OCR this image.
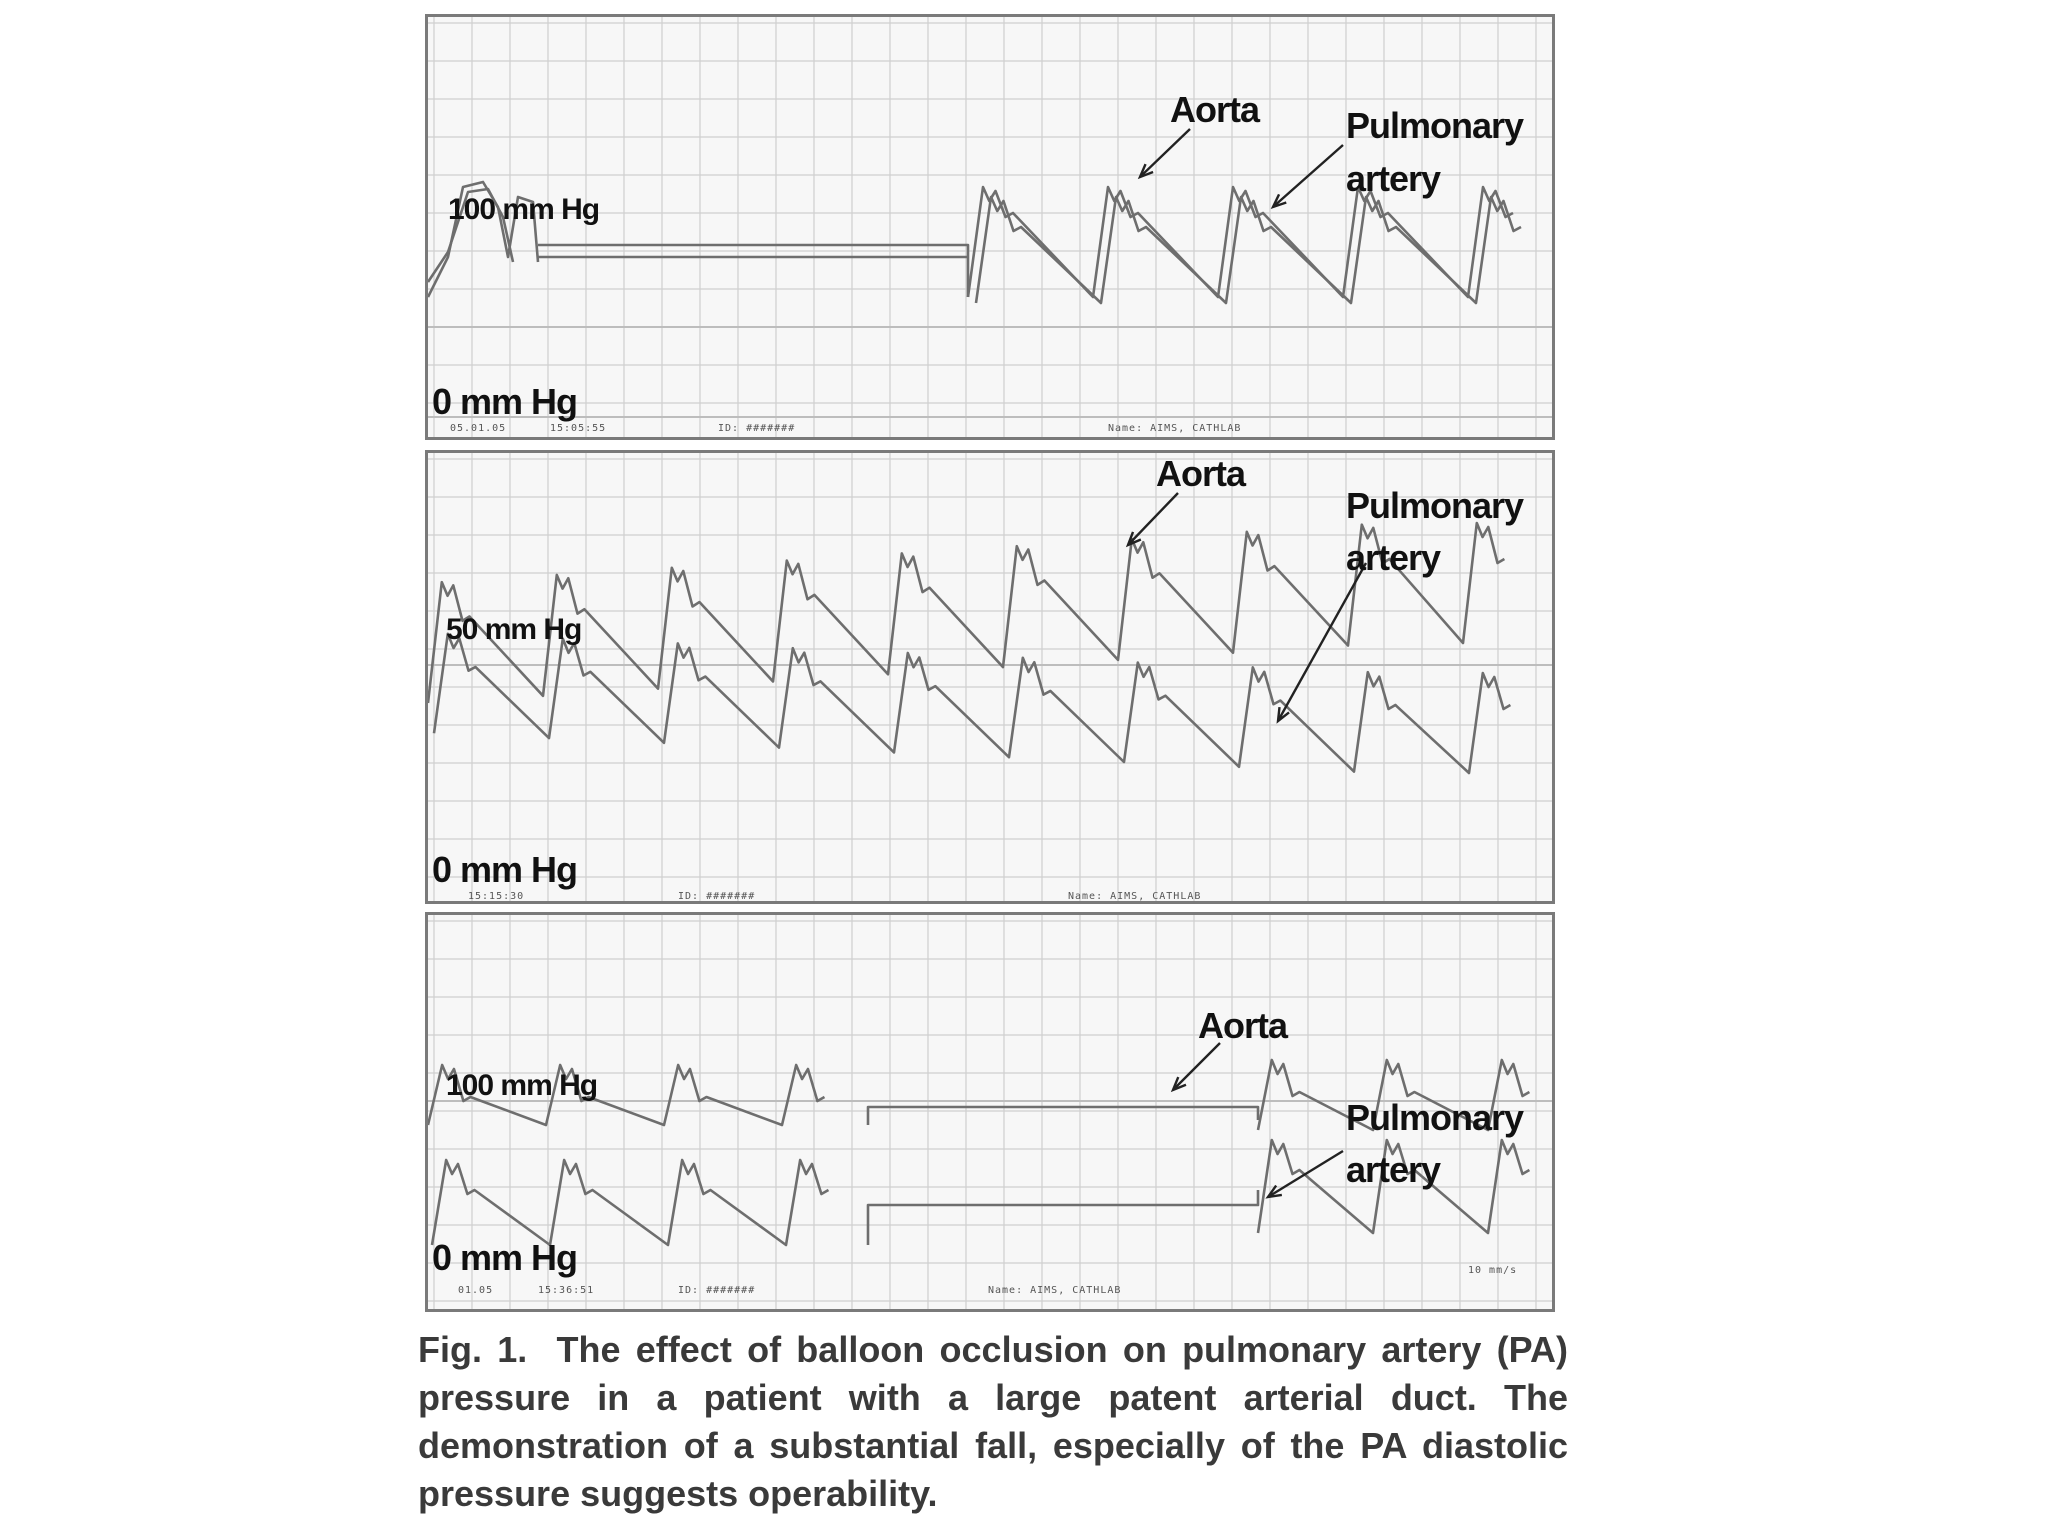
100 mm Hg
0 mm Hg
Aorta Pulmonary
artery
05.01.05	15:05:55	ID: #######	Name: AIMS, CATHLAB
50 mm Hg
0 mm Hg
Aorta
Pulmonary
artery
15:15:30	ID: #######	Name: AIMS, CATHLAB
100 mm Hg
0 mm Hg
Aorta
Pulmonary
artery
01.05	15:36:51	ID: #######	Name: AIMS, CATHLAB
10 mm/s
Fig. 1. The effect of balloon occlusion on pulmonary artery (PA) pressure in a patient with a large patent arterial duct. The demonstration of a substantial fall, especially of the PA diastolic pressure suggests operability.
